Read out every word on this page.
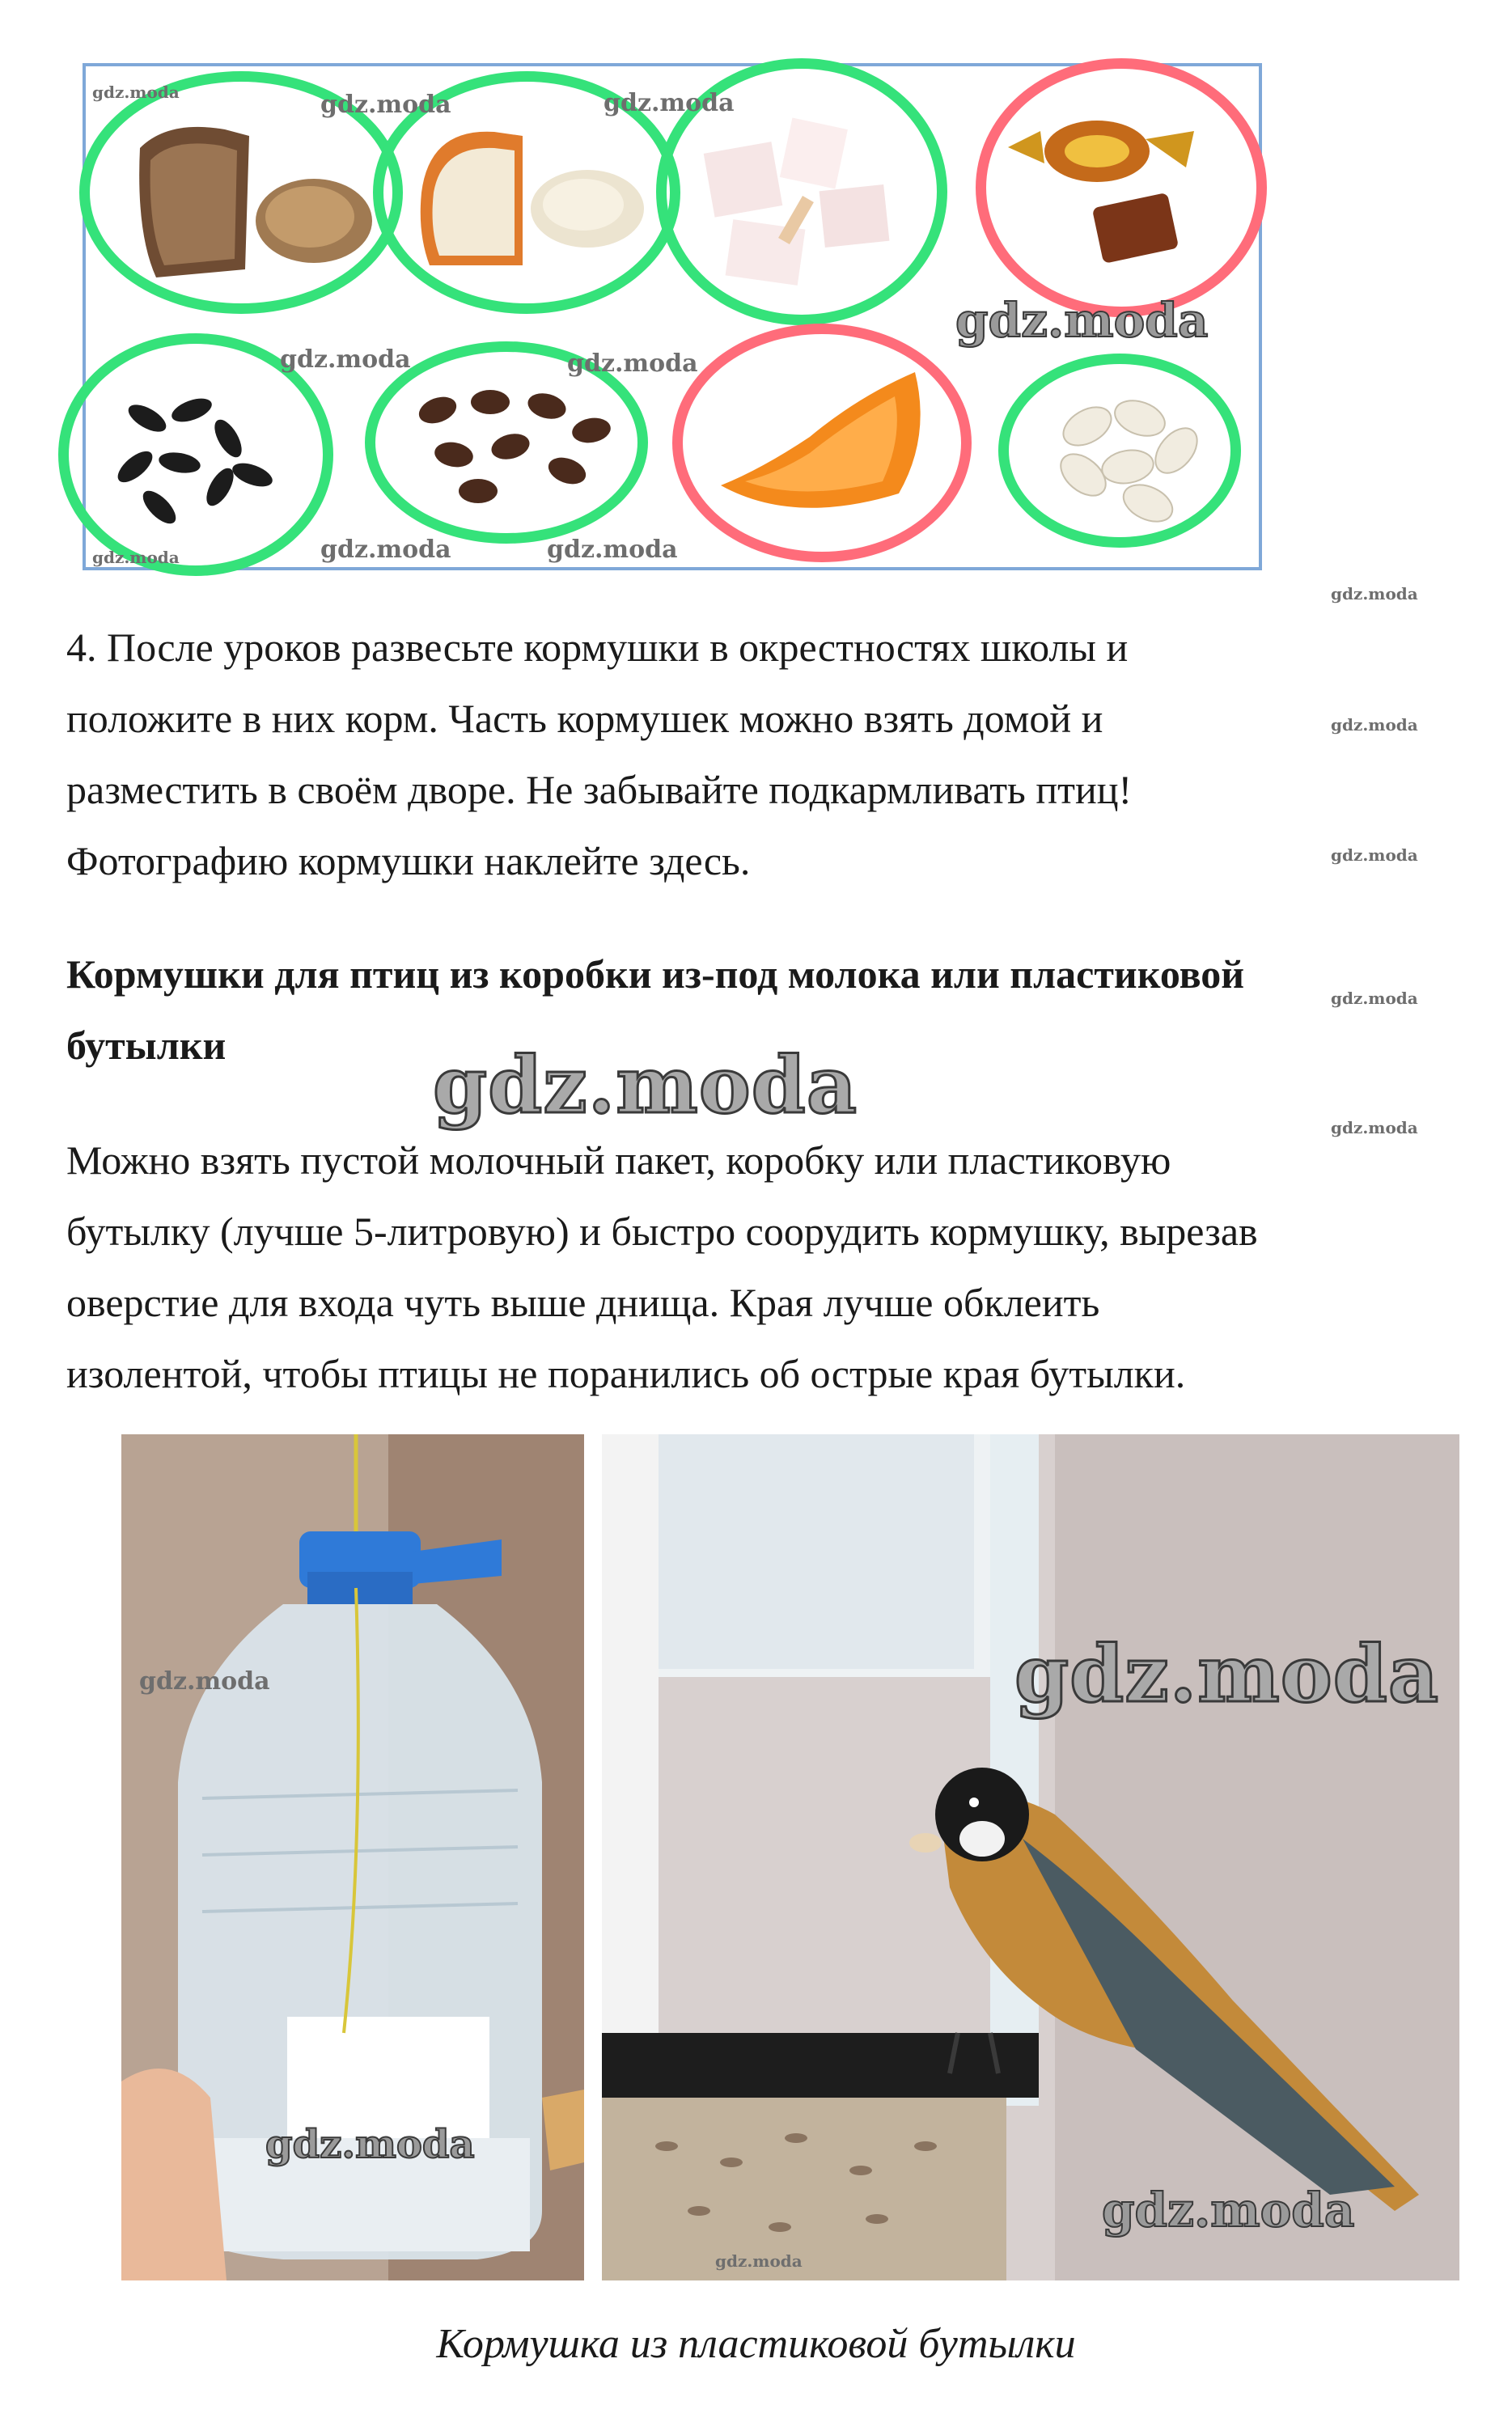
gdz.moda	gdz.moda	gdz.moda
gdz.moda
gdz.moda	gdz.moda
gdz.moda	gdz.moda	gdz.moda
gdz.moda
4. После уроков развесьте кормушки в окрестностях школы и
положите в них корм. Часть кормушек можно взять домой и
разместить в своём дворе. Не забывайте подкармливать птиц!
Фотографию кормушки наклейте здесь.
gdz.moda
gdz.moda
Кормушки для птиц из коробки из-под молока или пластиковой
бутылки
gdz.moda
gdz.moda	gdz.moda
Можно взять пустой молочный пакет, коробку или пластиковую
бутылку (лучше 5-литровую) и быстро соорудить кормушку, вырезав
оверстие для входа чуть выше днища. Края лучше обклеить
изолентой, чтобы птицы не поранились об острые края бутылки.
gdz.moda
gdz.moda
gdz.moda
gdz.moda
gdz.moda
Кормушка из пластиковой бутылки
